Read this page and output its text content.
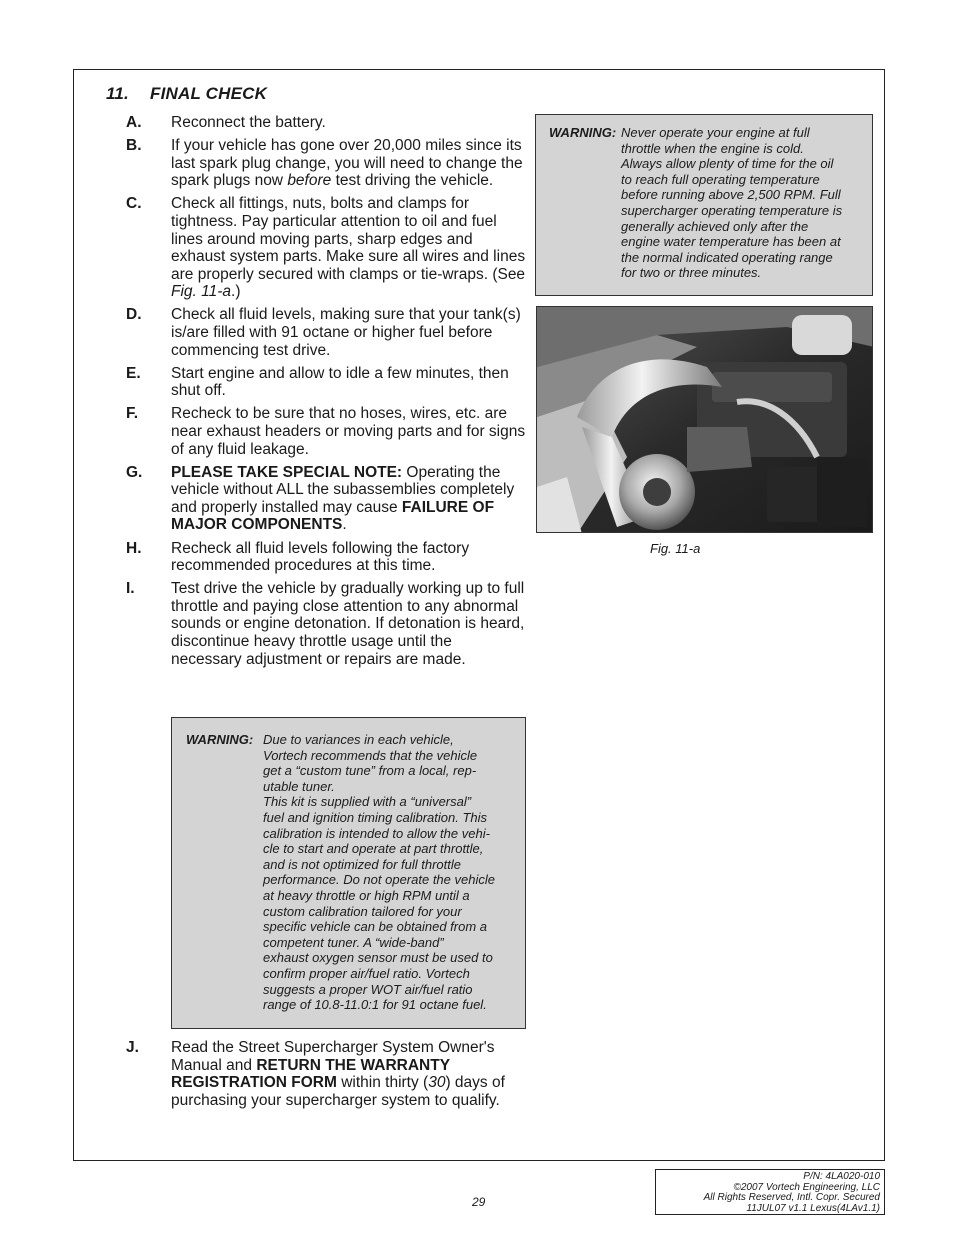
11. FINAL CHECK
A. Reconnect the battery.
B. If your vehicle has gone over 20,000 miles since its last spark plug change, you will need to change the spark plugs now before test driving the vehicle.
C. Check all fittings, nuts, bolts and clamps for tightness. Pay particular attention to oil and fuel lines around moving parts, sharp edges and exhaust system parts. Make sure all wires and lines are properly secured with clamps or tie-wraps. (See Fig. 11-a.)
D. Check all fluid levels, making sure that your tank(s) is/are filled with 91 octane or higher fuel before commencing test drive.
E. Start engine and allow to idle a few minutes, then shut off.
F. Recheck to be sure that no hoses, wires, etc. are near exhaust headers or moving parts and for signs of any fluid leakage.
G. PLEASE TAKE SPECIAL NOTE: Operating the vehicle without ALL the subassemblies completely and properly installed may cause FAILURE OF MAJOR COMPONENTS.
H. Recheck all fluid levels following the factory recommended procedures at this time.
I. Test drive the vehicle by gradually working up to full throttle and paying close attention to any abnormal sounds or engine detonation. If detonation is heard, discontinue heavy throttle usage until the necessary adjustment or repairs are made.
WARNING: Due to variances in each vehicle,
Vortech recommends that the vehicle
get a “custom tune” from a local, rep-
utable tuner.
This kit is supplied with a “universal”
fuel and ignition timing calibration. This
calibration is intended to allow the vehi-
cle to start and operate at part throttle,
and is not optimized for full throttle
performance. Do not operate the vehicle
at heavy throttle or high RPM until a
custom calibration tailored for your
specific vehicle can be obtained from a
competent tuner. A “wide-band”
exhaust oxygen sensor must be used to
confirm proper air/fuel ratio. Vortech
suggests a proper WOT air/fuel ratio
range of 10.8-11.0:1 for 91 octane fuel.
J. Read the Street Supercharger System Owner's Manual and RETURN THE WARRANTY REGISTRATION FORM within thirty (30) days of purchasing your supercharger system to qualify.
WARNING: Never operate your engine at full
throttle when the engine is cold.
Always allow plenty of time for the oil
to reach full operating temperature
before running above 2,500 RPM. Full
supercharger operating temperature is
generally achieved only after the
engine water temperature has been at
the normal indicated operating range
for two or three minutes.
Fig. 11-a
29
P/N: 4LA020-010
©2007 Vortech Engineering, LLC
All Rights Reserved, Intl. Copr. Secured
11JUL07 v1.1 Lexus(4LAv1.1)
